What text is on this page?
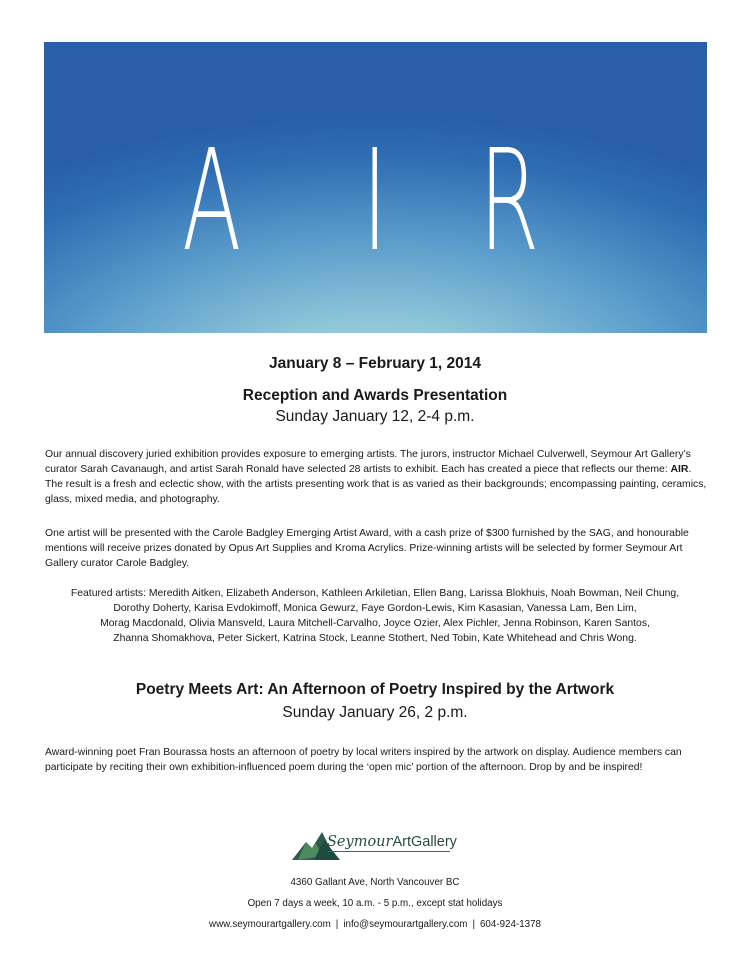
A I R
January 8 – February 1, 2014
Reception and Awards Presentation
Sunday January 12, 2-4 p.m.

Our annual discovery juried exhibition provides exposure to emerging artists. The jurors, instructor Michael Culverwell, Seymour Art Gallery’s curator Sarah Cavanaugh, and artist Sarah Ronald have selected 28 artists to exhibit. Each has created a piece that reflects our theme: AIR. The result is a fresh and eclectic show, with the artists presenting work that is as varied as their backgrounds; encompassing painting, ceramics, glass, mixed media, and photography.

One artist will be presented with the Carole Badgley Emerging Artist Award, with a cash prize of $300 furnished by the SAG, and honourable mentions will receive prizes donated by Opus Art Supplies and Kroma Acrylics. Prize-winning artists will be selected by former Seymour Art Gallery curator Carole Badgley.

Featured artists: Meredith Aitken, Elizabeth Anderson, Kathleen Arkiletian, Ellen Bang, Larissa Blokhuis, Noah Bowman, Neil Chung,
Dorothy Doherty, Karisa Evdokimoff, Monica Gewurz, Faye Gordon-Lewis, Kim Kasasian, Vanessa Lam, Ben Lim,
Morag Macdonald, Olivia Mansveld, Laura Mitchell-Carvalho, Joyce Ozier, Alex Pichler, Jenna Robinson, Karen Santos,
Zhanna Shomakhova, Peter Sickert, Katrina Stock, Leanne Stothert, Ned Tobin, Kate Whitehead and Chris Wong.
Poetry Meets Art: An Afternoon of Poetry Inspired by the Artwork
Sunday January 26, 2 p.m.

Award-winning poet Fran Bourassa hosts an afternoon of poetry by local writers inspired by the artwork on display. Audience members can participate by reciting their own exhibition-influenced poem during the ‘open mic’ portion of the afternoon. Drop by and be inspired!

SeymourArtGallery
4360 Gallant Ave, North Vancouver BC
Open 7 days a week, 10 a.m. - 5 p.m., except stat holidays
www.seymourartgallery.com | info@seymourartgallery.com | 604-924-1378
